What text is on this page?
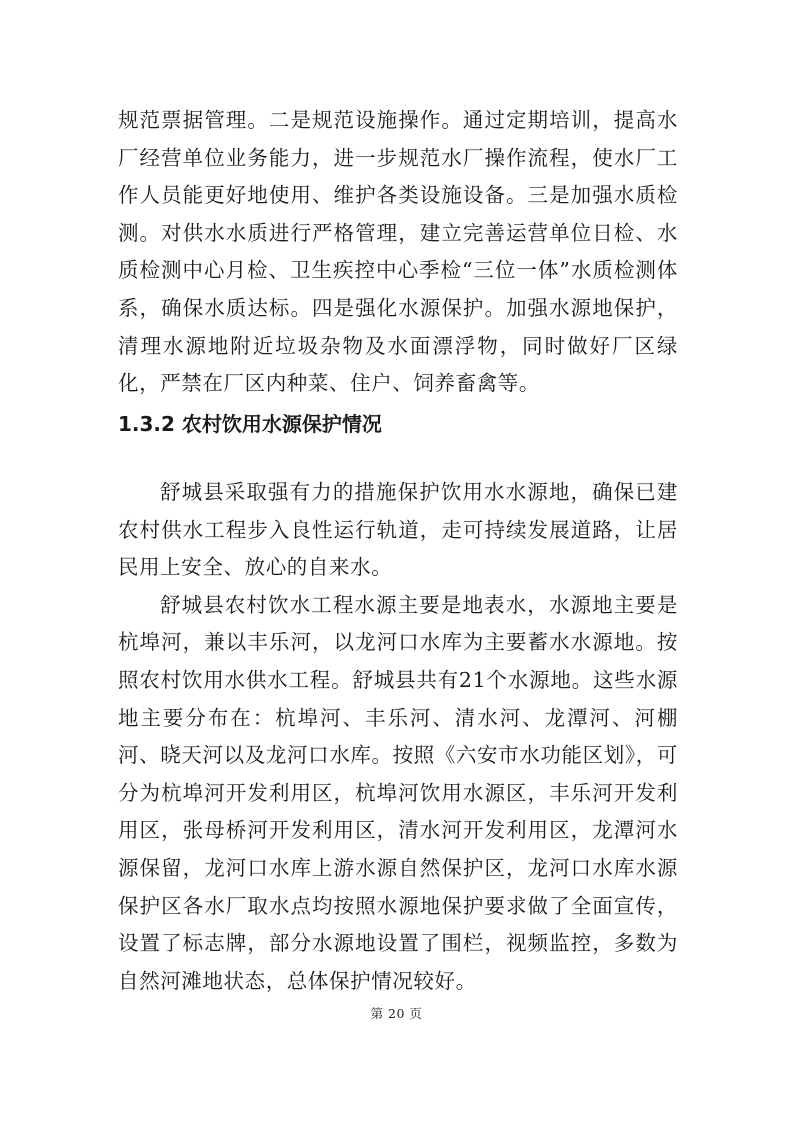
规范票据管理。二是规范设施操作。通过定期培训，提高水厂经营单位业务能力，进一步规范水厂操作流程，使水厂工作人员能更好地使用、维护各类设施设备。三是加强水质检测。对供水水质进行严格管理，建立完善运营单位日检、水质检测中心月检、卫生疾控中心季检“三位一体”水质检测体系，确保水质达标。四是强化水源保护。加强水源地保护，清理水源地附近垃圾杂物及水面漂浮物，同时做好厂区绿化，严禁在厂区内种菜、住户、饲养畜禽等。

1.3.2 农村饮用水源保护情况

舒城县采取强有力的措施保护饮用水水源地，确保已建农村供水工程步入良性运行轨道，走可持续发展道路，让居民用上安全、放心的自来水。

舒城县农村饮水工程水源主要是地表水，水源地主要是杭埠河，兼以丰乐河，以龙河口水库为主要蓄水水源地。按照农村饮用水供水工程。舒城县共有21个水源地。这些水源地主要分布在：杭埠河、丰乐河、清水河、龙潭河、河棚河、晓天河以及龙河口水库。按照《六安市水功能区划》，可分为杭埠河开发利用区，杭埠河饮用水源区，丰乐河开发利用区，张母桥河开发利用区，清水河开发利用区，龙潭河水源保留，龙河口水库上游水源自然保护区，龙河口水库水源保护区各水厂取水点均按照水源地保护要求做了全面宣传，设置了标志牌，部分水源地设置了围栏，视频监控，多数为自然河滩地状态，总体保护情况较好。

第 20 页
